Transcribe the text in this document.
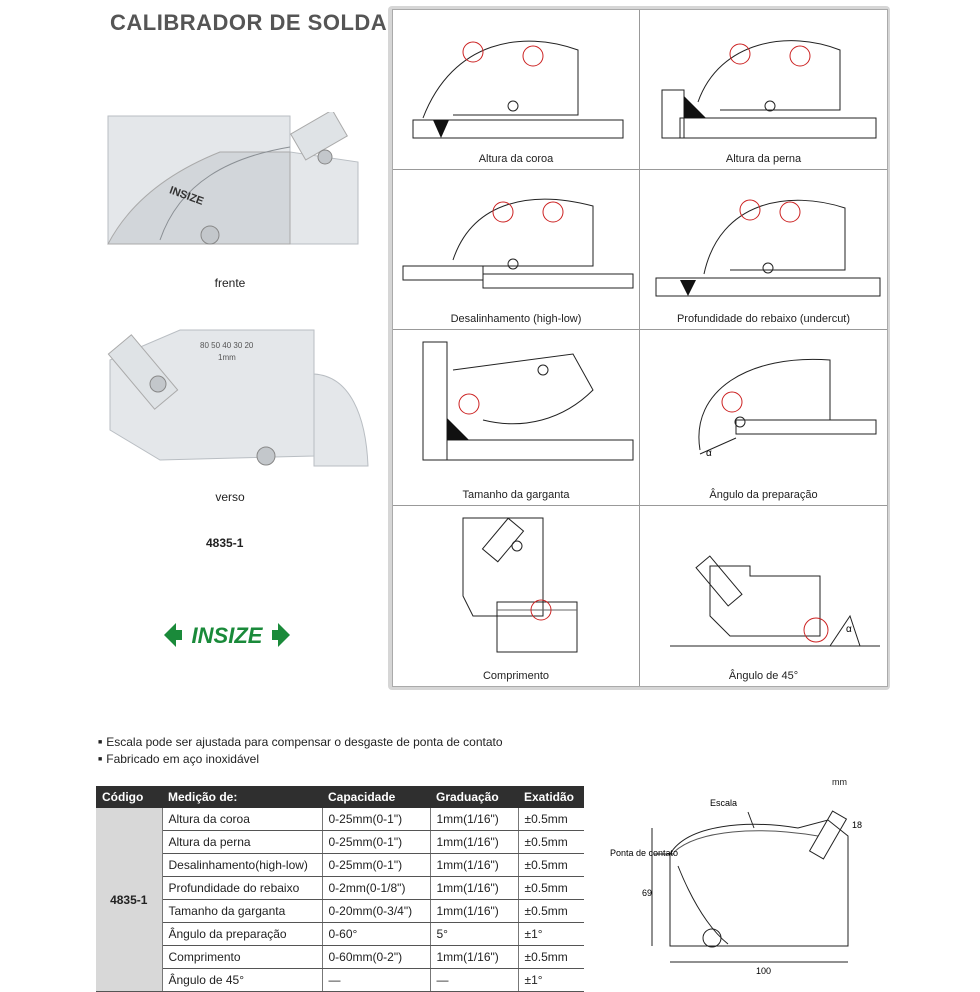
CALIBRADOR DE SOLDA
INSIZE
frente
80 50 40 30 20
1mm
verso
4835-1
INSIZE
Altura da coroa	Altura da perna
Desalinhamento (high-low)	Profundidade do rebaixo (undercut)
Tamanho da garganta
α
Ângulo da preparação
Comprimento
α
Ângulo de 45°
■ Escala pode ser ajustada para compensar o desgaste de ponta de contato
■ Fabricado em aço inoxidável
Código	Medição de:	Capacidade	Graduação	Exatidão
4835-1	Altura da coroa	0-25mm(0-1")	1mm(1/16")	±0.5mm
	Altura da perna	0-25mm(0-1")	1mm(1/16")	±0.5mm
	Desalinhamento(high-low)	0-25mm(0-1")	1mm(1/16")	±0.5mm
	Profundidade do rebaixo	0-2mm(0-1/8")	1mm(1/16")	±0.5mm
	Tamanho da garganta	0-20mm(0-3/4")	1mm(1/16")	±0.5mm
	Ângulo da preparação	0-60°	5°	±1°
	Comprimento	0-60mm(0-2")	1mm(1/16")	±0.5mm
	Ângulo de 45°	—	—	±1°
mm
Escala
Ponta de contato
69
100
18
